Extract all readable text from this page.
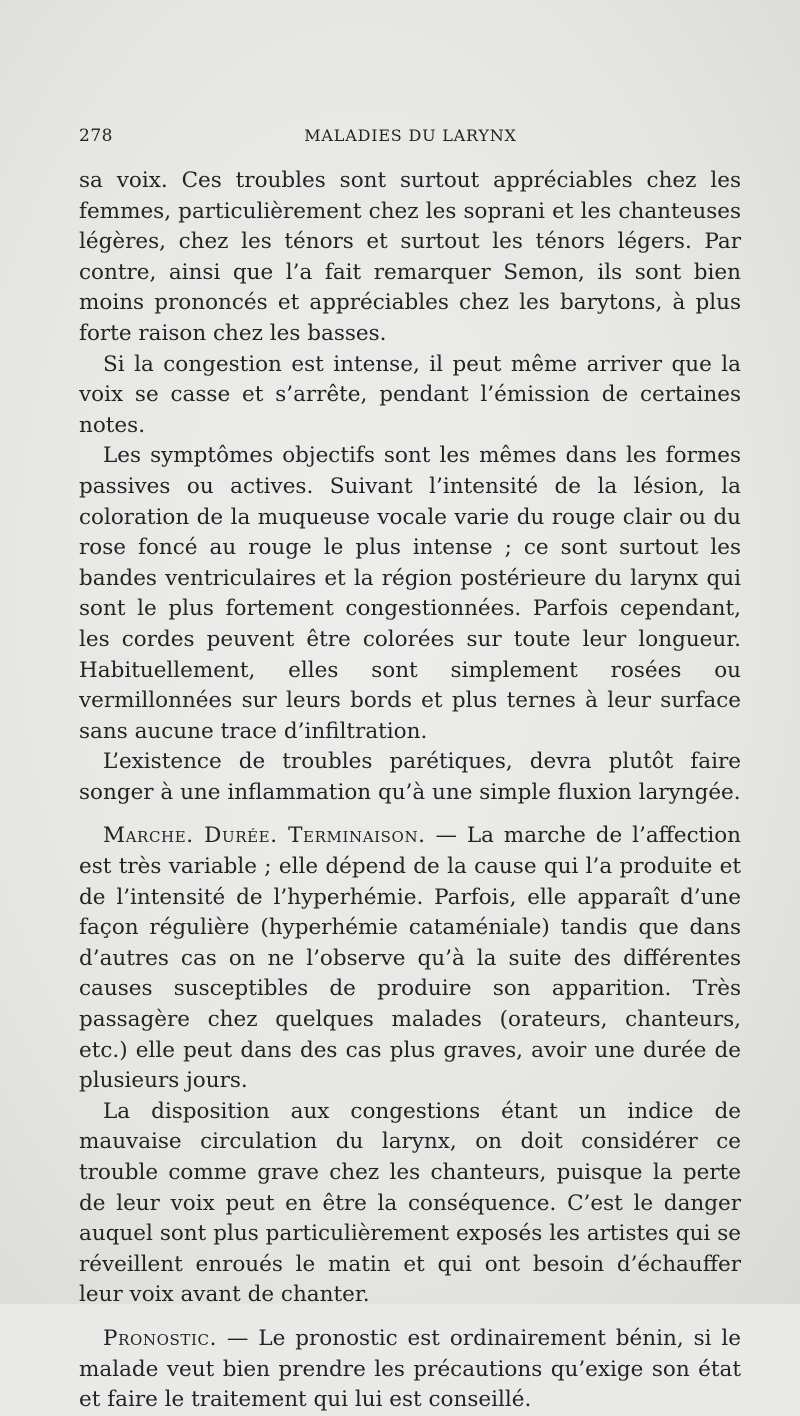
278	MALADIES DU LARYNX

sa voix. Ces troubles sont surtout appréciables chez les femmes, particulièrement chez les soprani et les chanteuses légères, chez les ténors et surtout les ténors légers. Par contre, ainsi que l’a fait remarquer Semon, ils sont bien moins prononcés et appréciables chez les barytons, à plus forte raison chez les basses.

Si la congestion est intense, il peut même arriver que la voix se casse et s’arrête, pendant l’émission de certaines notes.

Les symptômes objectifs sont les mêmes dans les formes passives ou actives. Suivant l’intensité de la lésion, la coloration de la muqueuse vocale varie du rouge clair ou du rose foncé au rouge le plus intense ; ce sont surtout les bandes ventriculaires et la région postérieure du larynx qui sont le plus fortement congestionnées. Parfois cependant, les cordes peuvent être colorées sur toute leur longueur. Habituellement, elles sont simplement rosées ou vermillonnées sur leurs bords et plus ternes à leur surface sans aucune trace d’infiltration.

L’existence de troubles parétiques, devra plutôt faire songer à une inflammation qu’à une simple fluxion laryngée.

Marche. Durée. Terminaison. — La marche de l’affection est très variable ; elle dépend de la cause qui l’a produite et de l’intensité de l’hyperhémie. Parfois, elle apparaît d’une façon régulière (hyperhémie cataméniale) tandis que dans d’autres cas on ne l’observe qu’à la suite des différentes causes susceptibles de produire son apparition. Très passagère chez quelques malades (orateurs, chanteurs, etc.) elle peut dans des cas plus graves, avoir une durée de plusieurs jours.

La disposition aux congestions étant un indice de mauvaise circulation du larynx, on doit considérer ce trouble comme grave chez les chanteurs, puisque la perte de leur voix peut en être la conséquence. C’est le danger auquel sont plus particulièrement exposés les artistes qui se réveillent enroués le matin et qui ont besoin d’échauffer leur voix avant de chanter.

Pronostic. — Le pronostic est ordinairement bénin, si le malade veut bien prendre les précautions qu’exige son état et faire le traitement qui lui est conseillé.
